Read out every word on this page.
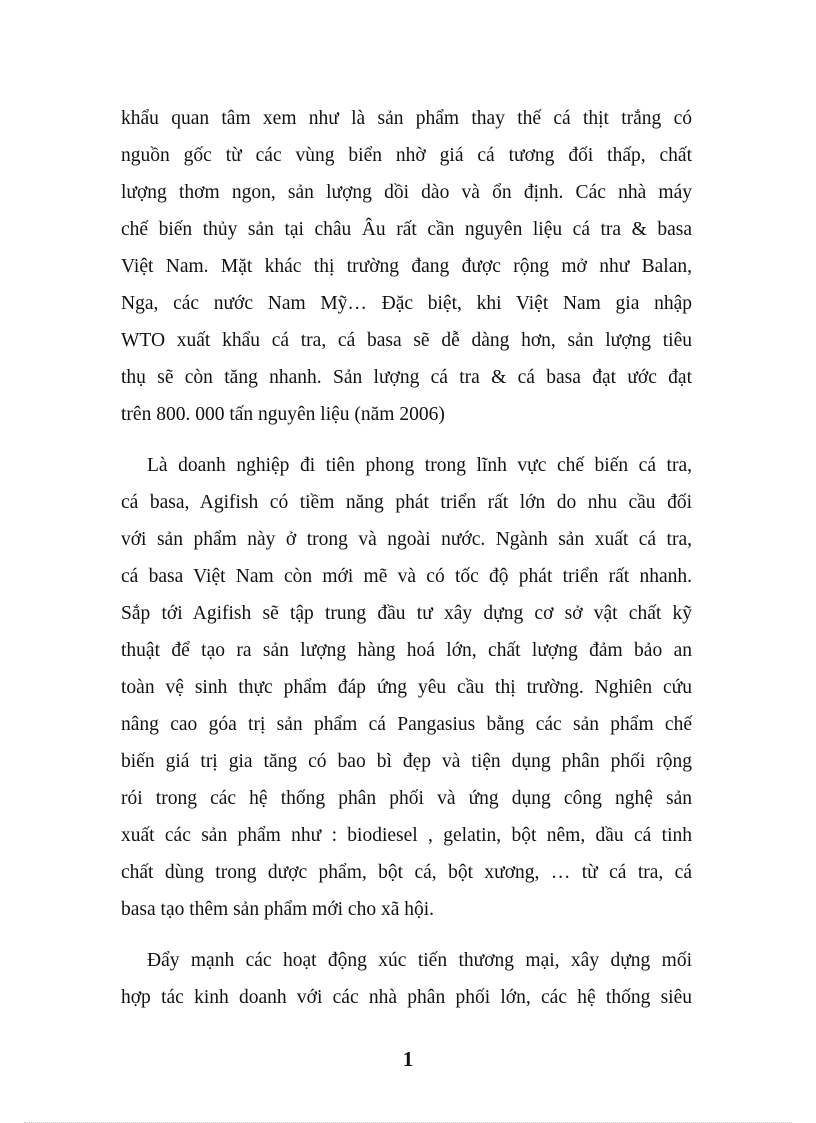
khẩu quan tâm xem như là sản phẩm thay thế cá thịt trắng có
nguồn gốc từ các vùng biển nhờ giá cá tương đối thấp, chất
lượng thơm ngon, sản lượng dồi dào và ổn định. Các nhà máy
chế biến thủy sản tại châu Âu rất cần nguyên liệu cá tra & basa
Việt Nam. Mặt khác thị trường đang được rộng mở như Balan,
Nga, các nước Nam Mỹ… Đặc biệt, khi Việt Nam gia nhập
WTO xuất khẩu cá tra, cá basa sẽ dễ dàng hơn, sản lượng tiêu
thụ sẽ còn tăng nhanh. Sản lượng cá tra & cá basa đạt ước đạt
trên 800. 000 tấn nguyên liệu (năm 2006)
Là doanh nghiệp đi tiên phong trong lĩnh vực chế biến cá tra,
cá basa, Agifish có tiềm năng phát triển rất lớn do nhu cầu đối
với sản phẩm này ở trong và ngoài nước. Ngành sản xuất cá tra,
cá basa Việt Nam còn mới mẽ và có tốc độ phát triển rất nhanh.
Sắp tới Agifish sẽ tập trung đầu tư xây dựng cơ sở vật chất kỹ
thuật để tạo ra sản lượng hàng hoá lớn, chất lượng đảm bảo an
toàn vệ sinh thực phẩm đáp ứng yêu cầu thị trường. Nghiên cứu
nâng cao góa trị sản phẩm cá Pangasius bằng các sản phẩm chế
biến giá trị gia tăng có bao bì đẹp và tiện dụng phân phối rộng
rói trong các hệ thống phân phối và ứng dụng công nghệ sản
xuất các sản phẩm như : biodiesel , gelatin, bột nêm, dầu cá tinh
chất dùng trong dược phẩm, bột cá, bột xương, … từ cá tra, cá
basa tạo thêm sản phẩm mới cho xã hội.
Đẩy mạnh các hoạt động xúc tiến thương mại, xây dựng mối
hợp tác kinh doanh với các nhà phân phối lớn, các hệ thống siêu
1
